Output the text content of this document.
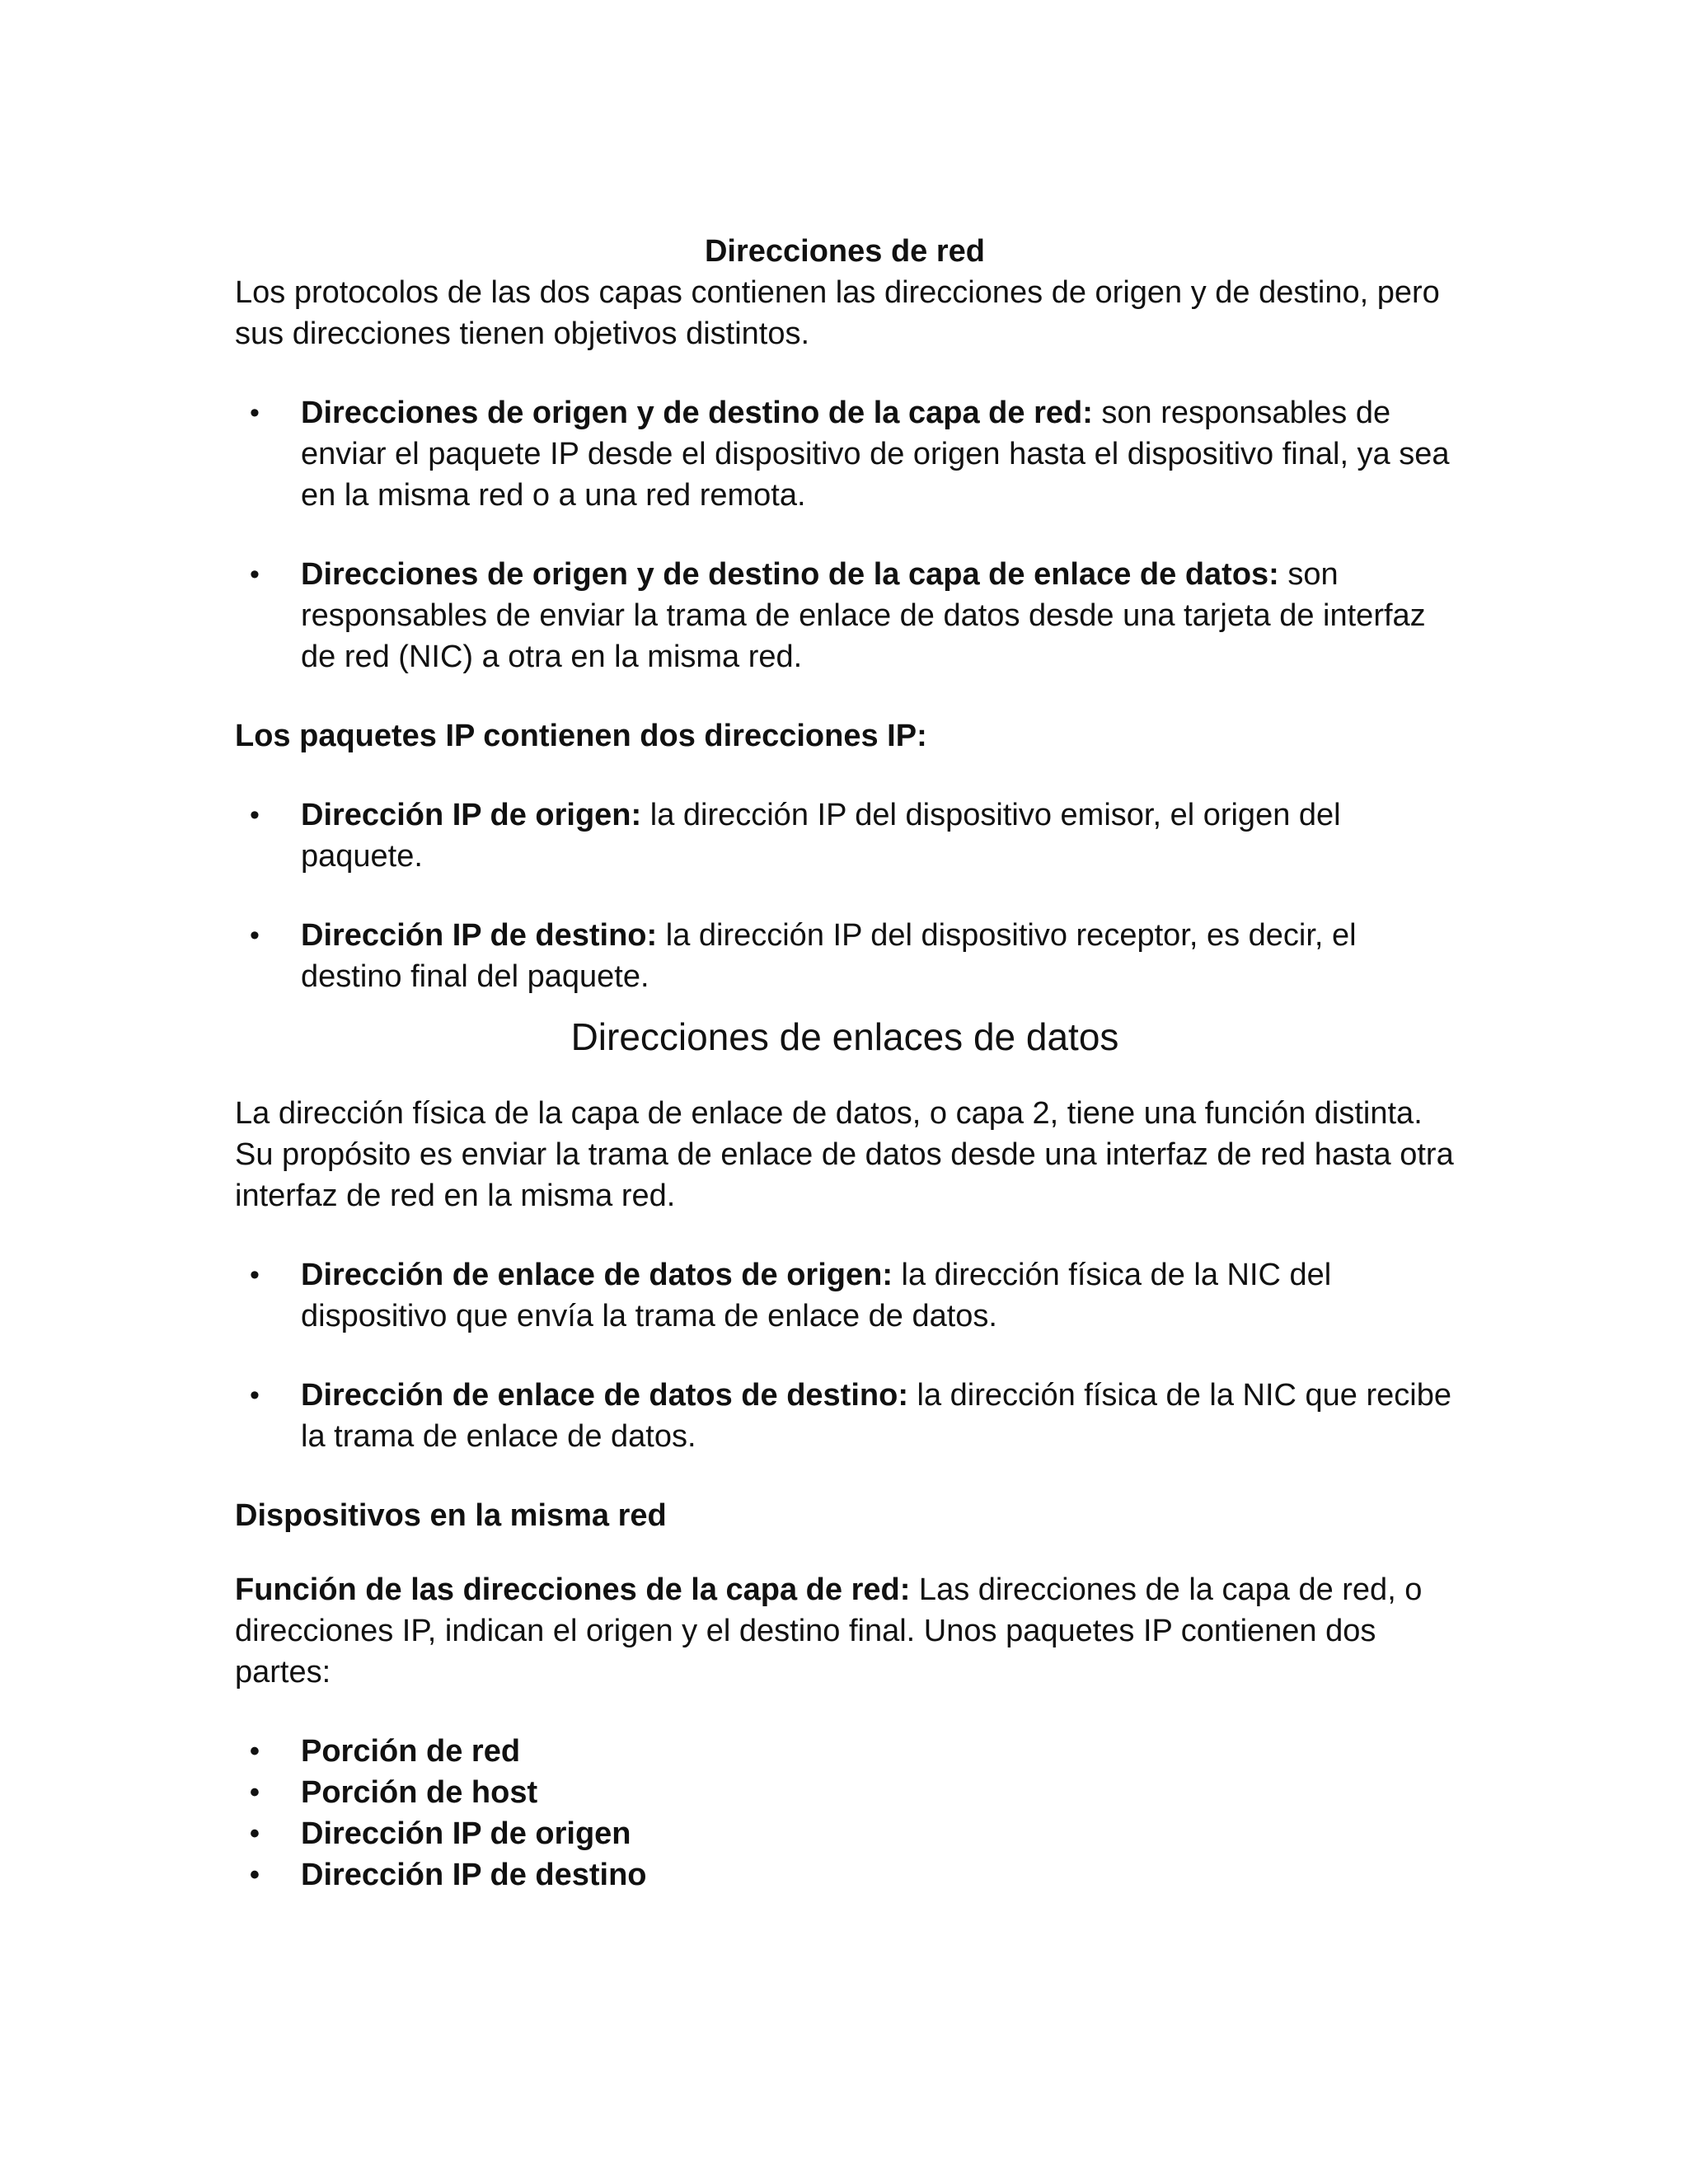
Direcciones de red

Los protocolos de las dos capas contienen las direcciones de origen y de destino, pero sus direcciones tienen objetivos distintos.

• Direcciones de origen y de destino de la capa de red: son responsables de enviar el paquete IP desde el dispositivo de origen hasta el dispositivo final, ya sea en la misma red o a una red remota.
• Direcciones de origen y de destino de la capa de enlace de datos: son responsables de enviar la trama de enlace de datos desde una tarjeta de interfaz de red (NIC) a otra en la misma red.

Los paquetes IP contienen dos direcciones IP:

• Dirección IP de origen: la dirección IP del dispositivo emisor, el origen del paquete.
• Dirección IP de destino: la dirección IP del dispositivo receptor, es decir, el destino final del paquete.

Direcciones de enlaces de datos

La dirección física de la capa de enlace de datos, o capa 2, tiene una función distinta. Su propósito es enviar la trama de enlace de datos desde una interfaz de red hasta otra interfaz de red en la misma red.

• Dirección de enlace de datos de origen: la dirección física de la NIC del dispositivo que envía la trama de enlace de datos.
• Dirección de enlace de datos de destino: la dirección física de la NIC que recibe la trama de enlace de datos.

Dispositivos en la misma red

Función de las direcciones de la capa de red: Las direcciones de la capa de red, o direcciones IP, indican el origen y el destino final. Unos paquetes IP contienen dos partes:

• Porción de red
• Porción de host
• Dirección IP de origen
• Dirección IP de destino
